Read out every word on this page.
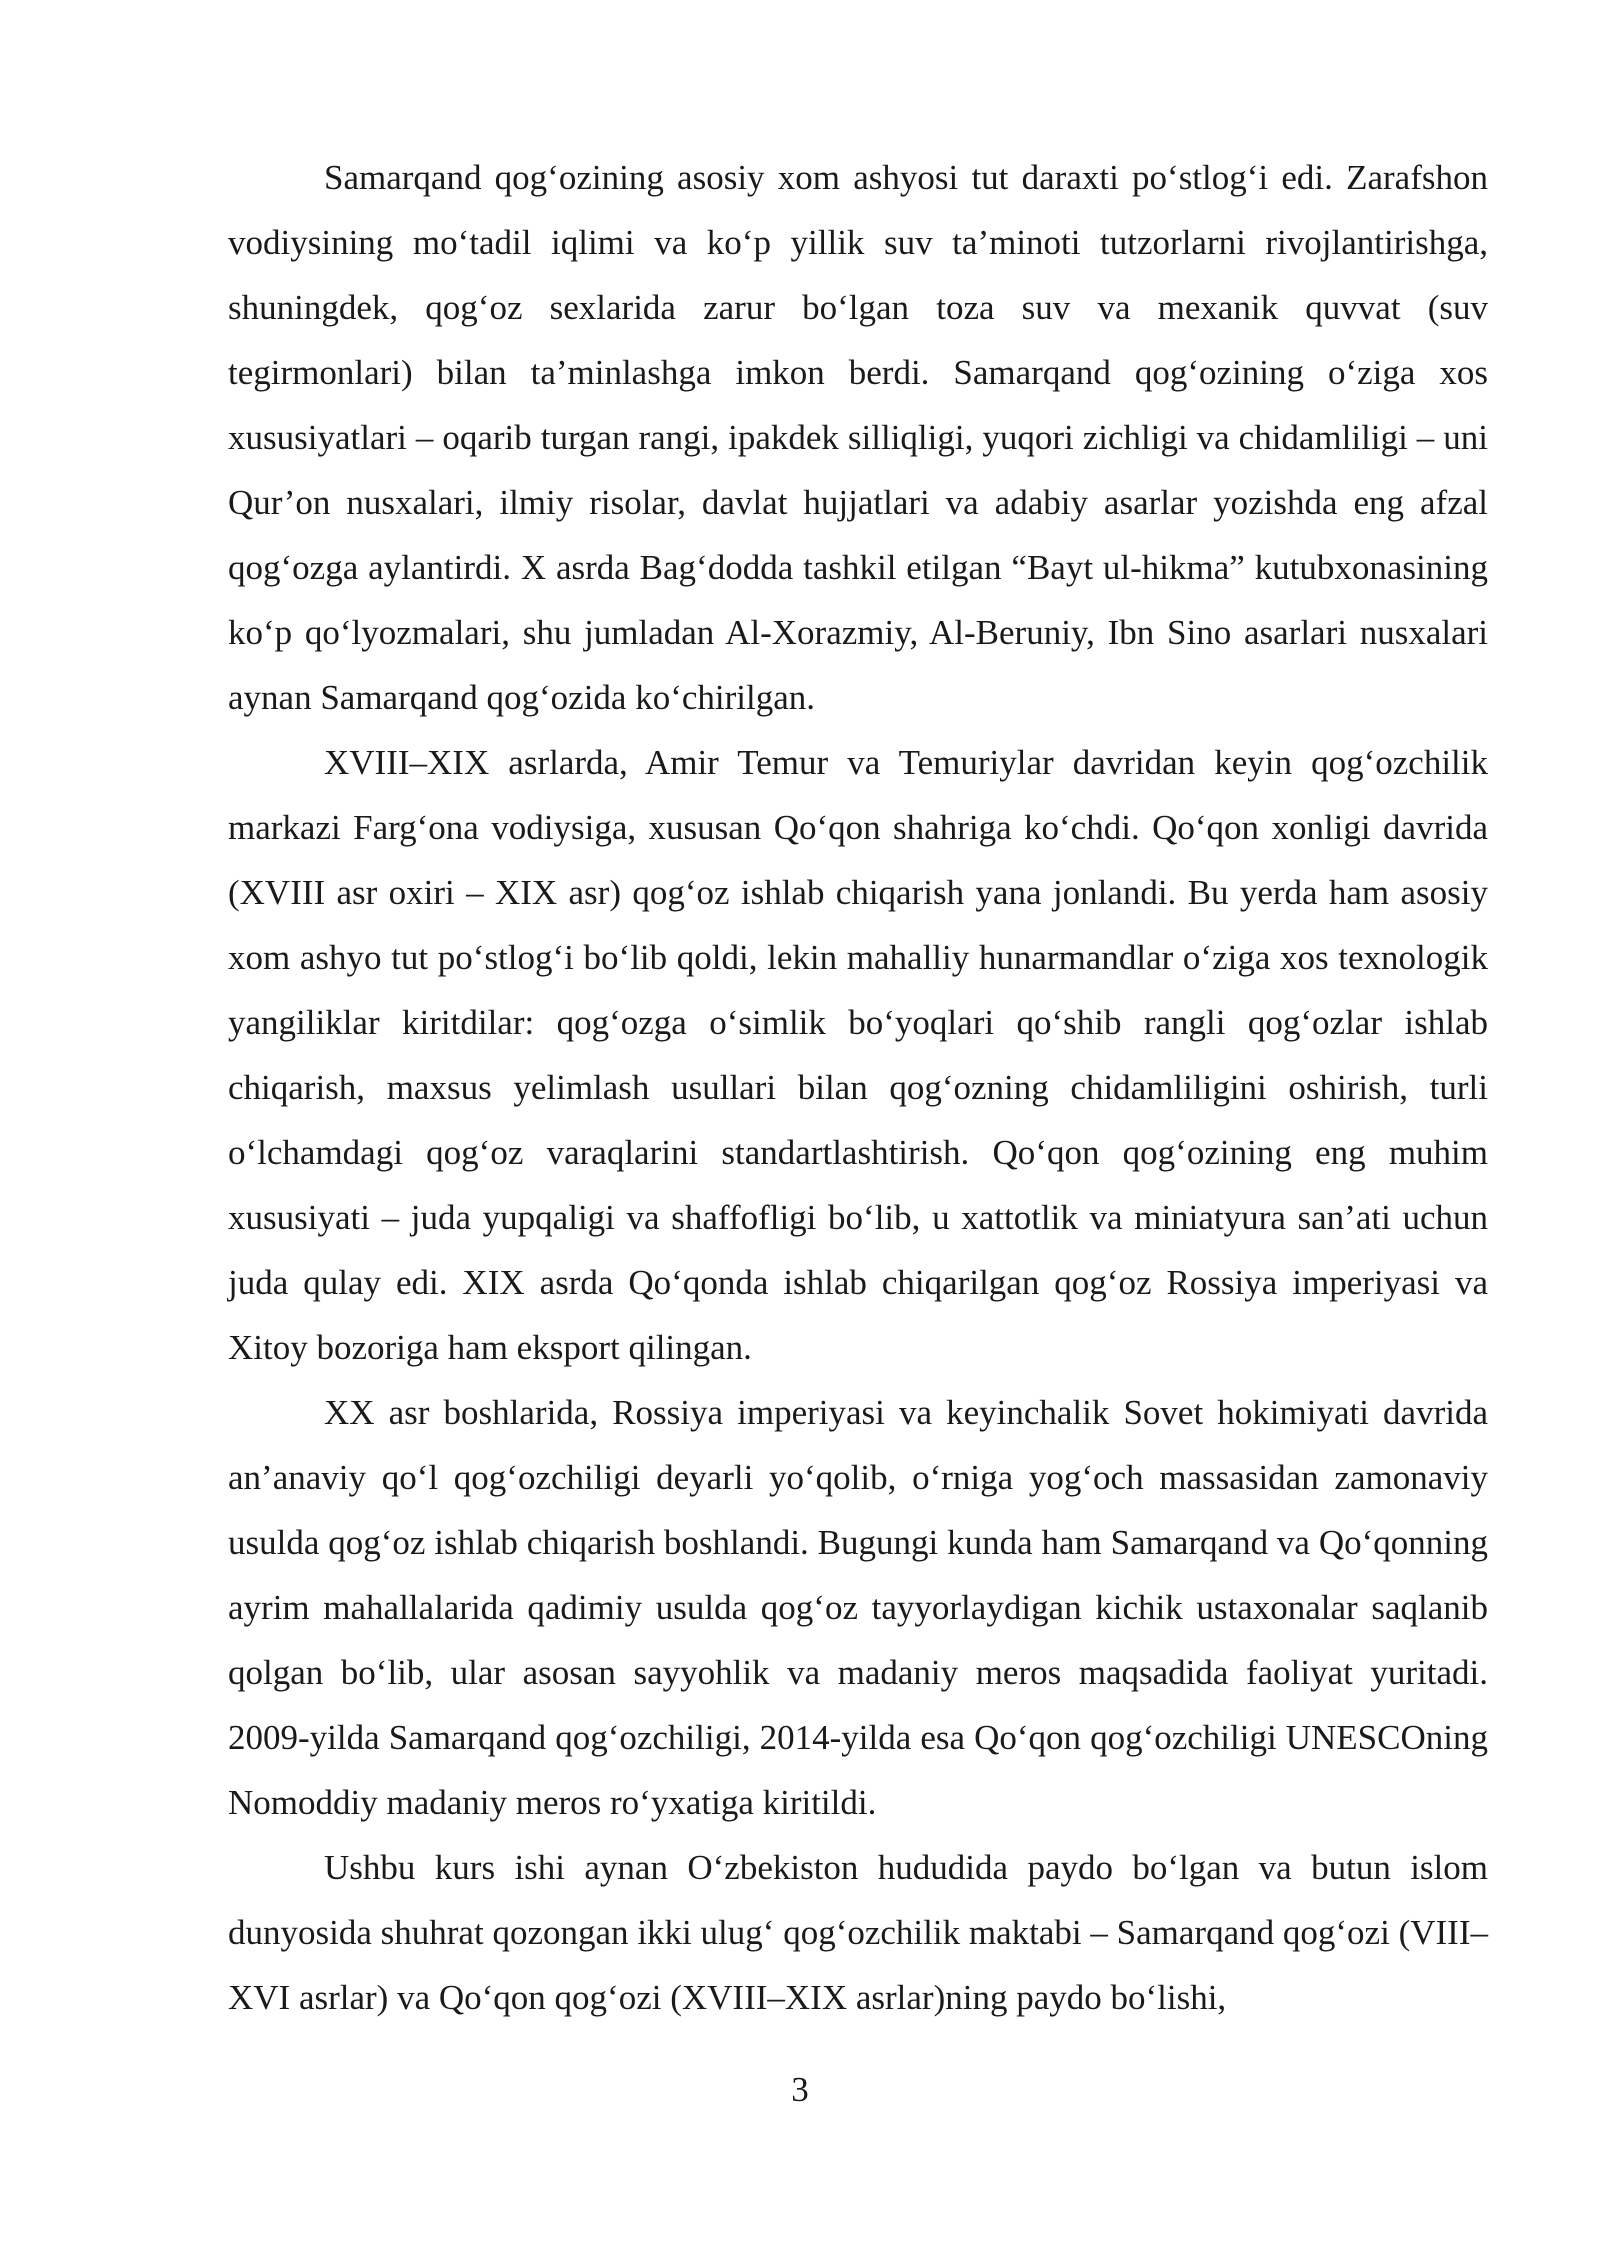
Samarqand qog‘ozining asosiy xom ashyosi tut daraxti po‘stlog‘i edi. Zarafshon vodiysining mo‘tadil iqlimi va ko‘p yillik suv ta’minoti tutzorlarni rivojlantirishga, shuningdek, qog‘oz sexlarida zarur bo‘lgan toza suv va mexanik quvvat (suv tegirmonlari) bilan ta’minlashga imkon berdi. Samarqand qog‘ozining o‘ziga xos xususiyatlari – oqarib turgan rangi, ipakdek silliqligi, yuqori zichligi va chidamliligi – uni Qur’on nusxalari, ilmiy risolar, davlat hujjatlari va adabiy asarlar yozishda eng afzal qog‘ozga aylantirdi. X asrda Bag‘dodda tashkil etilgan “Bayt ul-hikma” kutubxonasining ko‘p qo‘lyozmalari, shu jumladan Al-Xorazmiy, Al-Beruniy, Ibn Sino asarlari nusxalari aynan Samarqand qog‘ozida ko‘chirilgan.

XVIII–XIX asrlarda, Amir Temur va Temuriylar davridan keyin qog‘ozchilik markazi Farg‘ona vodiysiga, xususan Qo‘qon shahriga ko‘chdi. Qo‘qon xonligi davrida (XVIII asr oxiri – XIX asr) qog‘oz ishlab chiqarish yana jonlandi. Bu yerda ham asosiy xom ashyo tut po‘stlog‘i bo‘lib qoldi, lekin mahalliy hunarmandlar o‘ziga xos texnologik yangiliklar kiritdilar: qog‘ozga o‘simlik bo‘yoqlari qo‘shib rangli qog‘ozlar ishlab chiqarish, maxsus yelimlash usullari bilan qog‘ozning chidamliligini oshirish, turli o‘lchamdagi qog‘oz varaqlarini standartlashtirish. Qo‘qon qog‘ozining eng muhim xususiyati – juda yupqaligi va shaffofligi bo‘lib, u xattotlik va miniatyura san’ati uchun juda qulay edi. XIX asrda Qo‘qonda ishlab chiqarilgan qog‘oz Rossiya imperiyasi va Xitoy bozoriga ham eksport qilingan.

XX asr boshlarida, Rossiya imperiyasi va keyinchalik Sovet hokimiyati davrida an’anaviy qo‘l qog‘ozchiligi deyarli yo‘qolib, o‘rniga yog‘och massasidan zamonaviy usulda qog‘oz ishlab chiqarish boshlandi. Bugungi kunda ham Samarqand va Qo‘qonning ayrim mahallalarida qadimiy usulda qog‘oz tayyorlaydigan kichik ustaxonalar saqlanib qolgan bo‘lib, ular asosan sayyohlik va madaniy meros maqsadida faoliyat yuritadi. 2009-yilda Samarqand qog‘ozchiligi, 2014-yilda esa Qo‘qon qog‘ozchiligi UNESCOning Nomoddiy madaniy meros ro‘yxatiga kiritildi.

Ushbu kurs ishi aynan O‘zbekiston hududida paydo bo‘lgan va butun islom dunyosida shuhrat qozongan ikki ulug‘ qog‘ozchilik maktabi – Samarqand qog‘ozi (VIII–XVI asrlar) va Qo‘qon qog‘ozi (XVIII–XIX asrlar)ning paydo bo‘lishi,

3
